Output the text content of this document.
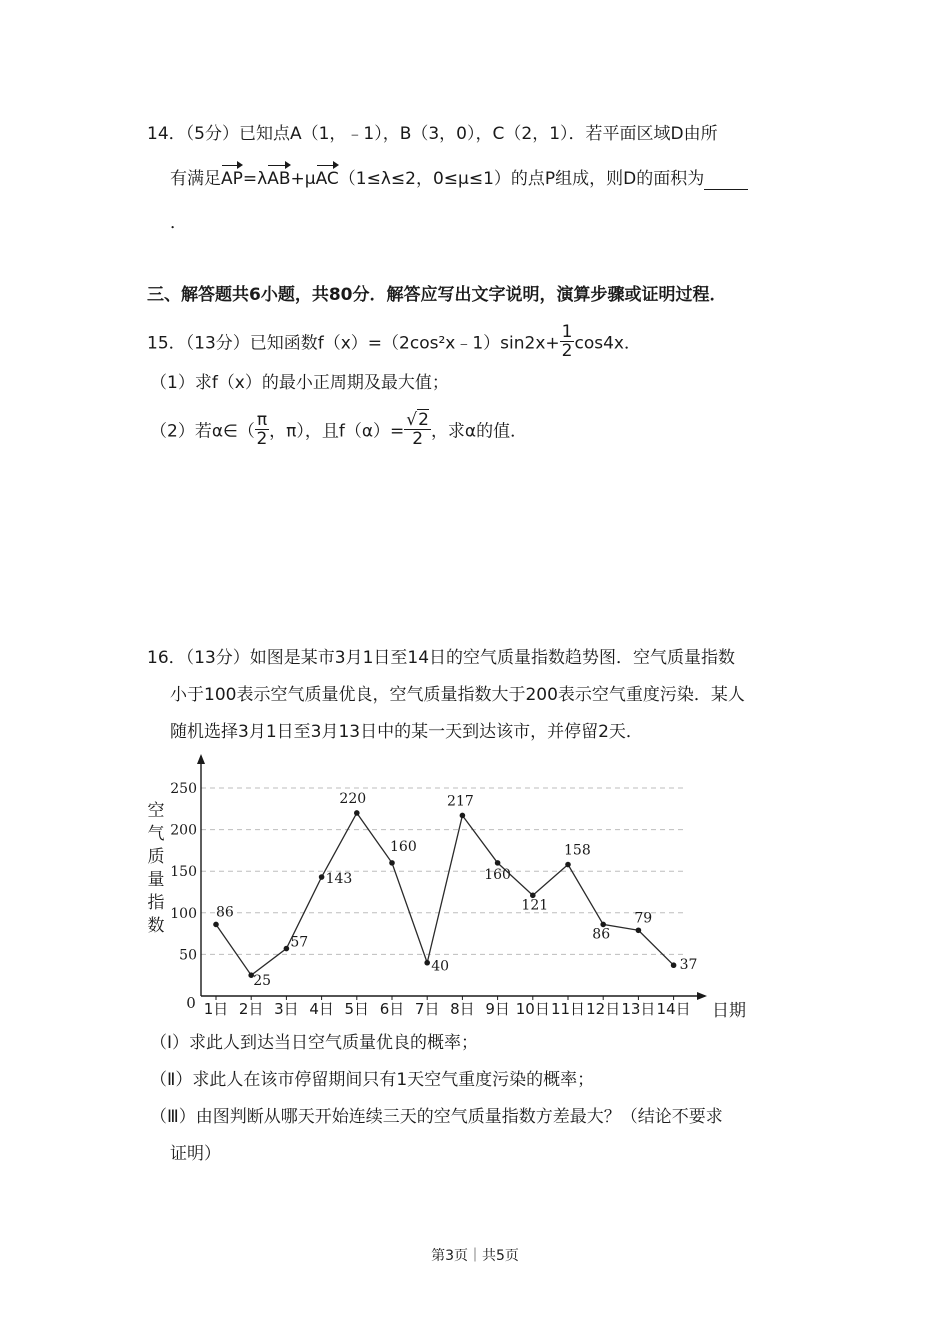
14．（5分）已知点A（1，﹣1），B（3，0），C（2，1）．若平面区域D由所
有满足AP=λAB+μAC（1≤λ≤2，0≤μ≤1）的点P组成，则D的面积为
．
三、解答题共6小题，共80分．解答应写出文字说明，演算步骤或证明过程．
15．（13分）已知函数f（x）=（2cos²x﹣1）sin2x+ $\frac{1}{2} \cos 4x$．
（1）求f（x）的最小正周期及最大值；
（2）若α∈（ $\frac{\pi}{2}$ ，π），且$f(\alpha)= \frac{√2}{2}$ ，求α的值．
16．（13分）如图是某市3月1日至14日的空气质量指数趋势图．空气质量指数
小于100表示空气质量优良，空气质量指数大于200表示空气重度污染．某人
随机选择3月1日至3月13日中的某一天到达该市，并停留2天．
50
100
150
200
250
0
空
气
质
量
指
数
日期
1日 2日 3日 4日 5日 6日 7日 8日 9日 10日 11日 12日 13日 14日
86
25
57
143
220
160
40
217
160
121
158
86
79
37
（Ⅰ）求此人到达当日空气质量优良的概率；
（Ⅱ）求此人在该市停留期间只有1天空气重度污染的概率；
（Ⅲ）由图判断从哪天开始连续三天的空气质量指数方差最大？（结论不要求
证明）
第3页｜共5页
